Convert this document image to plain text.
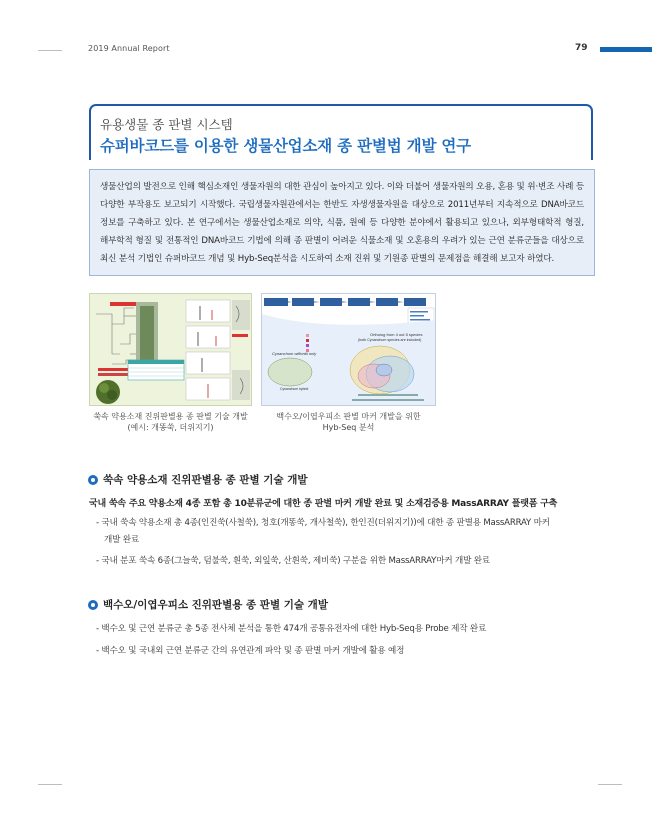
2019 Annual Report	79
유용생물 종 판별 시스템
슈퍼바코드를 이용한 생물산업소재 종 판별법 개발 연구

생물산업의 발전으로 인해 핵심소재인 생물자원의 대한 관심이 높아지고 있다. 이와 더불어 생물자원의 오용, 혼용 및 위·변조 사례 등 다양한 부작용도 보고되기 시작했다. 국립생물자원관에서는 한반도 자생생물자원을 대상으로 2011년부터 지속적으로 DNA바코드 정보를 구축하고 있다. 본 연구에서는 생물산업소재로 의약, 식품, 원예 등 다양한 분야에서 활용되고 있으나, 외부형태학적 형질, 해부학적 형질 및 전통적인 DNA바코드 기법에 의해 종 판별이 어려운 식물소재 및 오혼용의 우려가 있는 근연 분류군들을 대상으로 최신 분석 기법인 슈퍼바코드 개념 및 Hyb-Seq분석을 시도하여 소재 진위 및 기원종 판별의 문제점을 해결해 보고자 하였다.

쑥속 약용소재 진위판별용 종 판별 기술 개발
(예시: 개똥쑥, 더위지기)
Ortholog from 4 out 5 species
(both Cynanchum species are included)
Cynanchum wilfordii only
Cynanchum hybrid
백수오/이엽우피소 판별 마커 개발을 위한
Hyb-Seq 분석
쑥속 약용소재 진위판별용 종 판별 기술 개발
국내 쑥속 주요 약용소재 4종 포함 총 10분류군에 대한 종 판별 마커 개발 완료 및 소재검증용 MassARRAY 플랫폼 구축
- 국내 쑥속 약용소재 총 4종(인진쑥(사철쑥), 청호(개똥쑥, 개사철쑥), 한인진(더위지기))에 대한 종 판별용 MassARRAY 마커
개발 완료
- 국내 분포 쑥속 6종(그늘쑥, 덤불쑥, 흰쑥, 외잎쑥, 산흰쑥, 제비쑥) 구분을 위한 MassARRAY마커 개발 완료
백수오/이엽우피소 진위판별용 종 판별 기술 개발
- 백수오 및 근연 분류군 총 5종 전사체 분석을 통한 474개 공통유전자에 대한 Hyb-Seq용 Probe 제작 완료
- 백수오 및 국내외 근연 분류군 간의 유연관계 파악 및 종 판별 마커 개발에 활용 예정
